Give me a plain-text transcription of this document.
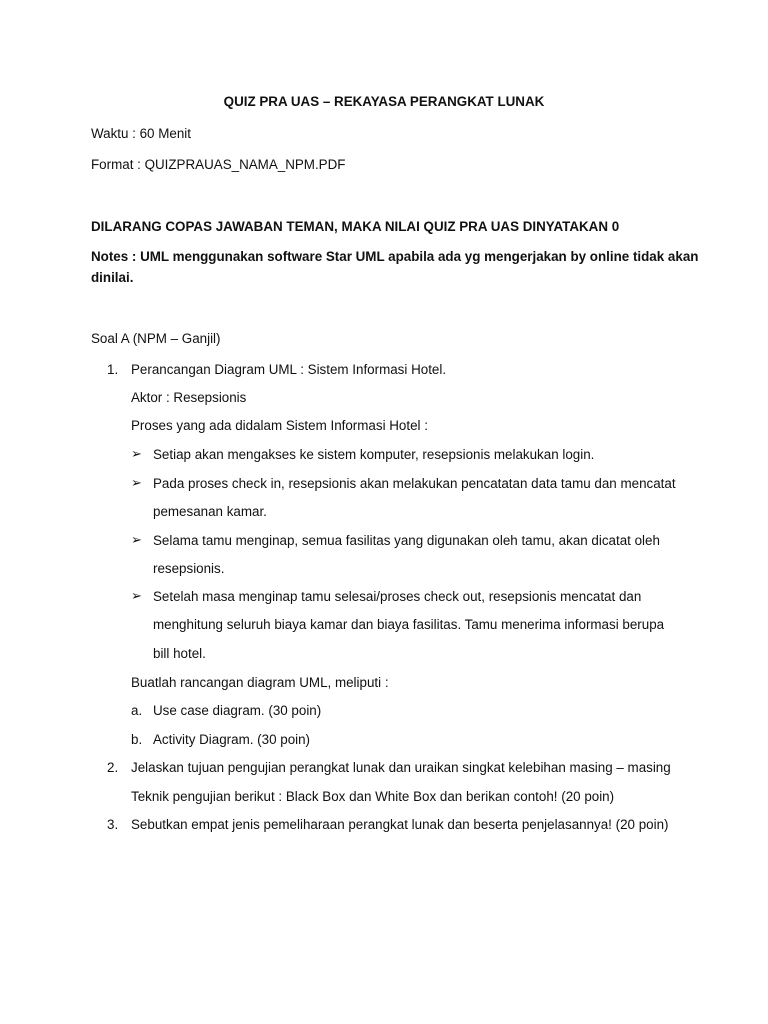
QUIZ PRA UAS – REKAYASA PERANGKAT LUNAK
Waktu : 60 Menit
Format : QUIZPRAUAS_NAMA_NPM.PDF
DILARANG COPAS JAWABAN TEMAN, MAKA NILAI QUIZ PRA UAS DINYATAKAN 0
Notes : UML menggunakan software Star UML apabila ada yg mengerjakan by online tidak akan
dinilai.
Soal A (NPM – Ganjil)
1. Perancangan Diagram UML : Sistem Informasi Hotel.
Aktor : Resepsionis
Proses yang ada didalam Sistem Informasi Hotel :
➢ Setiap akan mengakses ke sistem komputer, resepsionis melakukan login.
➢ Pada proses check in, resepsionis akan melakukan pencatatan data tamu dan mencatat
pemesanan kamar.
➢ Selama tamu menginap, semua fasilitas yang digunakan oleh tamu, akan dicatat oleh
resepsionis.
➢ Setelah masa menginap tamu selesai/proses check out, resepsionis mencatat dan
menghitung seluruh biaya kamar dan biaya fasilitas. Tamu menerima informasi berupa
bill hotel.
Buatlah rancangan diagram UML, meliputi :
a. Use case diagram. (30 poin)
b. Activity Diagram. (30 poin)
2. Jelaskan tujuan pengujian perangkat lunak dan uraikan singkat kelebihan masing – masing
Teknik pengujian berikut : Black Box dan White Box dan berikan contoh! (20 poin)
3. Sebutkan empat jenis pemeliharaan perangkat lunak dan beserta penjelasannya! (20 poin)
